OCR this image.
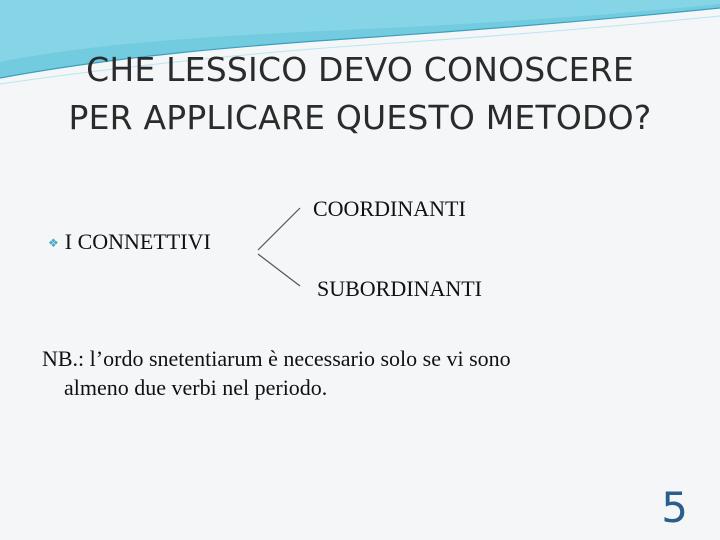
CHE LESSICO DEVO CONOSCERE
PER APPLICARE QUESTO METODO?
❖ I CONNETTIVI
COORDINANTI
SUBORDINANTI
NB.: l’ordo snetentiarum è necessario solo se vi sono
almeno due verbi nel periodo.
5
